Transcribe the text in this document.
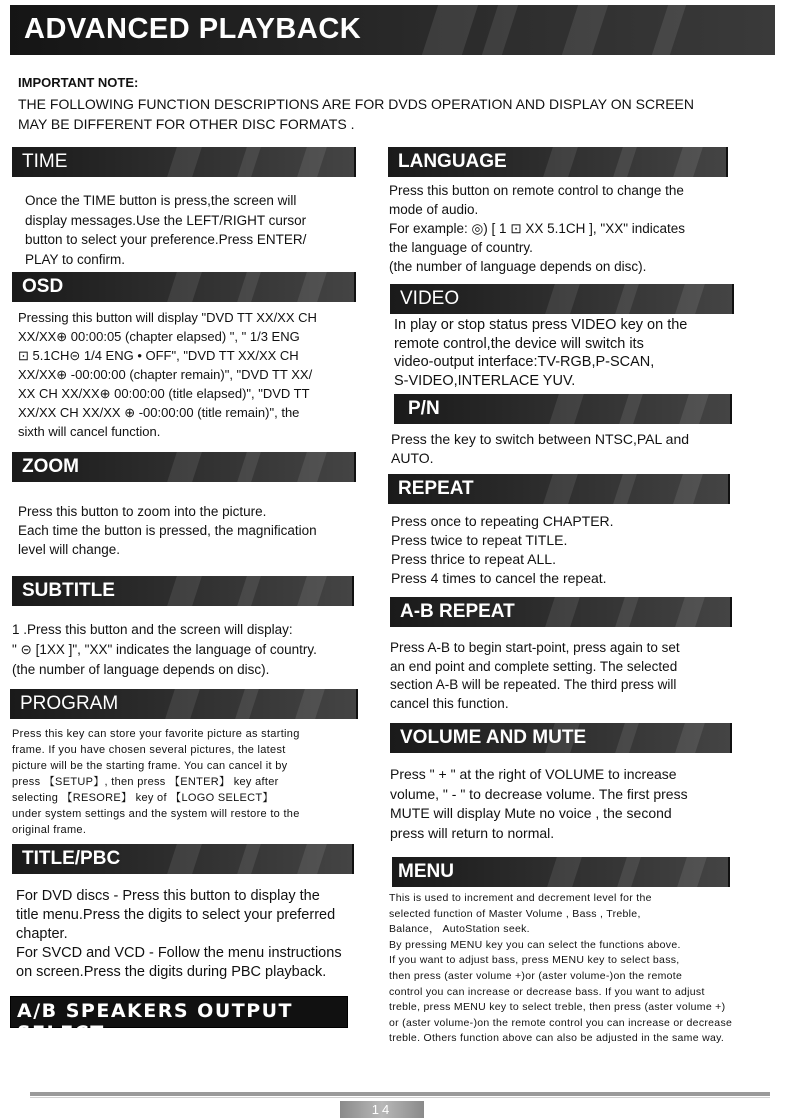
ADVANCED PLAYBACK
IMPORTANT NOTE:
THE FOLLOWING FUNCTION DESCRIPTIONS ARE FOR DVDS OPERATION AND DISPLAY ON SCREEN
MAY BE DIFFERENT FOR OTHER DISC FORMATS .
TIME

Once the TIME button is press,the screen will

display messages.Use the LEFT/RIGHT cursor

button to select your preference.Press ENTER/

PLAY to confirm.

OSD

Pressing this button will display "DVD TT XX/XX CH

XX/XX⊕ 00:00:05 (chapter elapsed) ", " 1/3 ENG

⊡ 5.1CH⊝ 1/4 ENG • OFF", "DVD TT XX/XX CH

XX/XX⊕ -00:00:00 (chapter remain)", "DVD TT XX/

XX CH XX/XX⊕ 00:00:00 (title elapsed)", "DVD TT

XX/XX CH XX/XX ⊕ -00:00:00 (title remain)", the

sixth will cancel function.

ZOOM

Press this button to zoom into the picture.

Each time the button is pressed, the magnification

level will change.

SUBTITLE

1 .Press this button and the screen will display:

" ⊝ [1XX ]", "XX" indicates the language of country.

(the number of language depends on disc).

PROGRAM

Press this key can store your favorite picture as starting

frame. If you have chosen several pictures, the latest

picture will be the starting frame. You can cancel it by

press 【SETUP】, then press 【ENTER】 key after

selecting 【RESORE】 key of 【LOGO SELECT】

under system settings and the system will restore to the

original frame.

TITLE/PBC

For DVD discs - Press this button to display the

title menu.Press the digits to select your preferred

chapter.

For SVCD and VCD - Follow the menu instructions

on screen.Press the digits during PBC playback.

A/B SPEAKERS OUTPUT SELECT
LANGUAGE

Press this button on remote control to change the

mode of audio.

For example: ◎) [ 1 ⊡ XX 5.1CH ], "XX" indicates

the language of country.

(the number of language depends on disc).

VIDEO

In play or stop status press VIDEO key on the

remote control,the device will switch its

video-output interface:TV-RGB,P-SCAN,

S-VIDEO,INTERLACE YUV.

P/N

Press the key to switch between NTSC,PAL and

AUTO.

REPEAT

Press once to repeating CHAPTER.

Press twice to repeat TITLE.

Press thrice to repeat ALL.

Press 4 times to cancel the repeat.

A-B REPEAT

Press A-B to begin start-point, press again to set

an end point and complete setting. The selected

section A-B will be repeated. The third press will

cancel this function.

VOLUME AND MUTE

Press " + " at the right of VOLUME to increase

volume, " - " to decrease volume. The first press

MUTE will display Mute no voice , the second

press will return to normal.

MENU

This is used to increment and decrement level for the

selected function of Master Volume , Bass , Treble,

Balance， AutoStation seek.

By pressing MENU key you can select the functions above.

If you want to adjust bass, press MENU key to select bass,

then press (aster volume +)or (aster volume-)on the remote

control you can increase or decrease bass. If you want to adjust

treble, press MENU key to select treble, then press (aster volume +)

or (aster volume-)on the remote control you can increase or decrease

treble. Others function above can also be adjusted in the same way.

14
